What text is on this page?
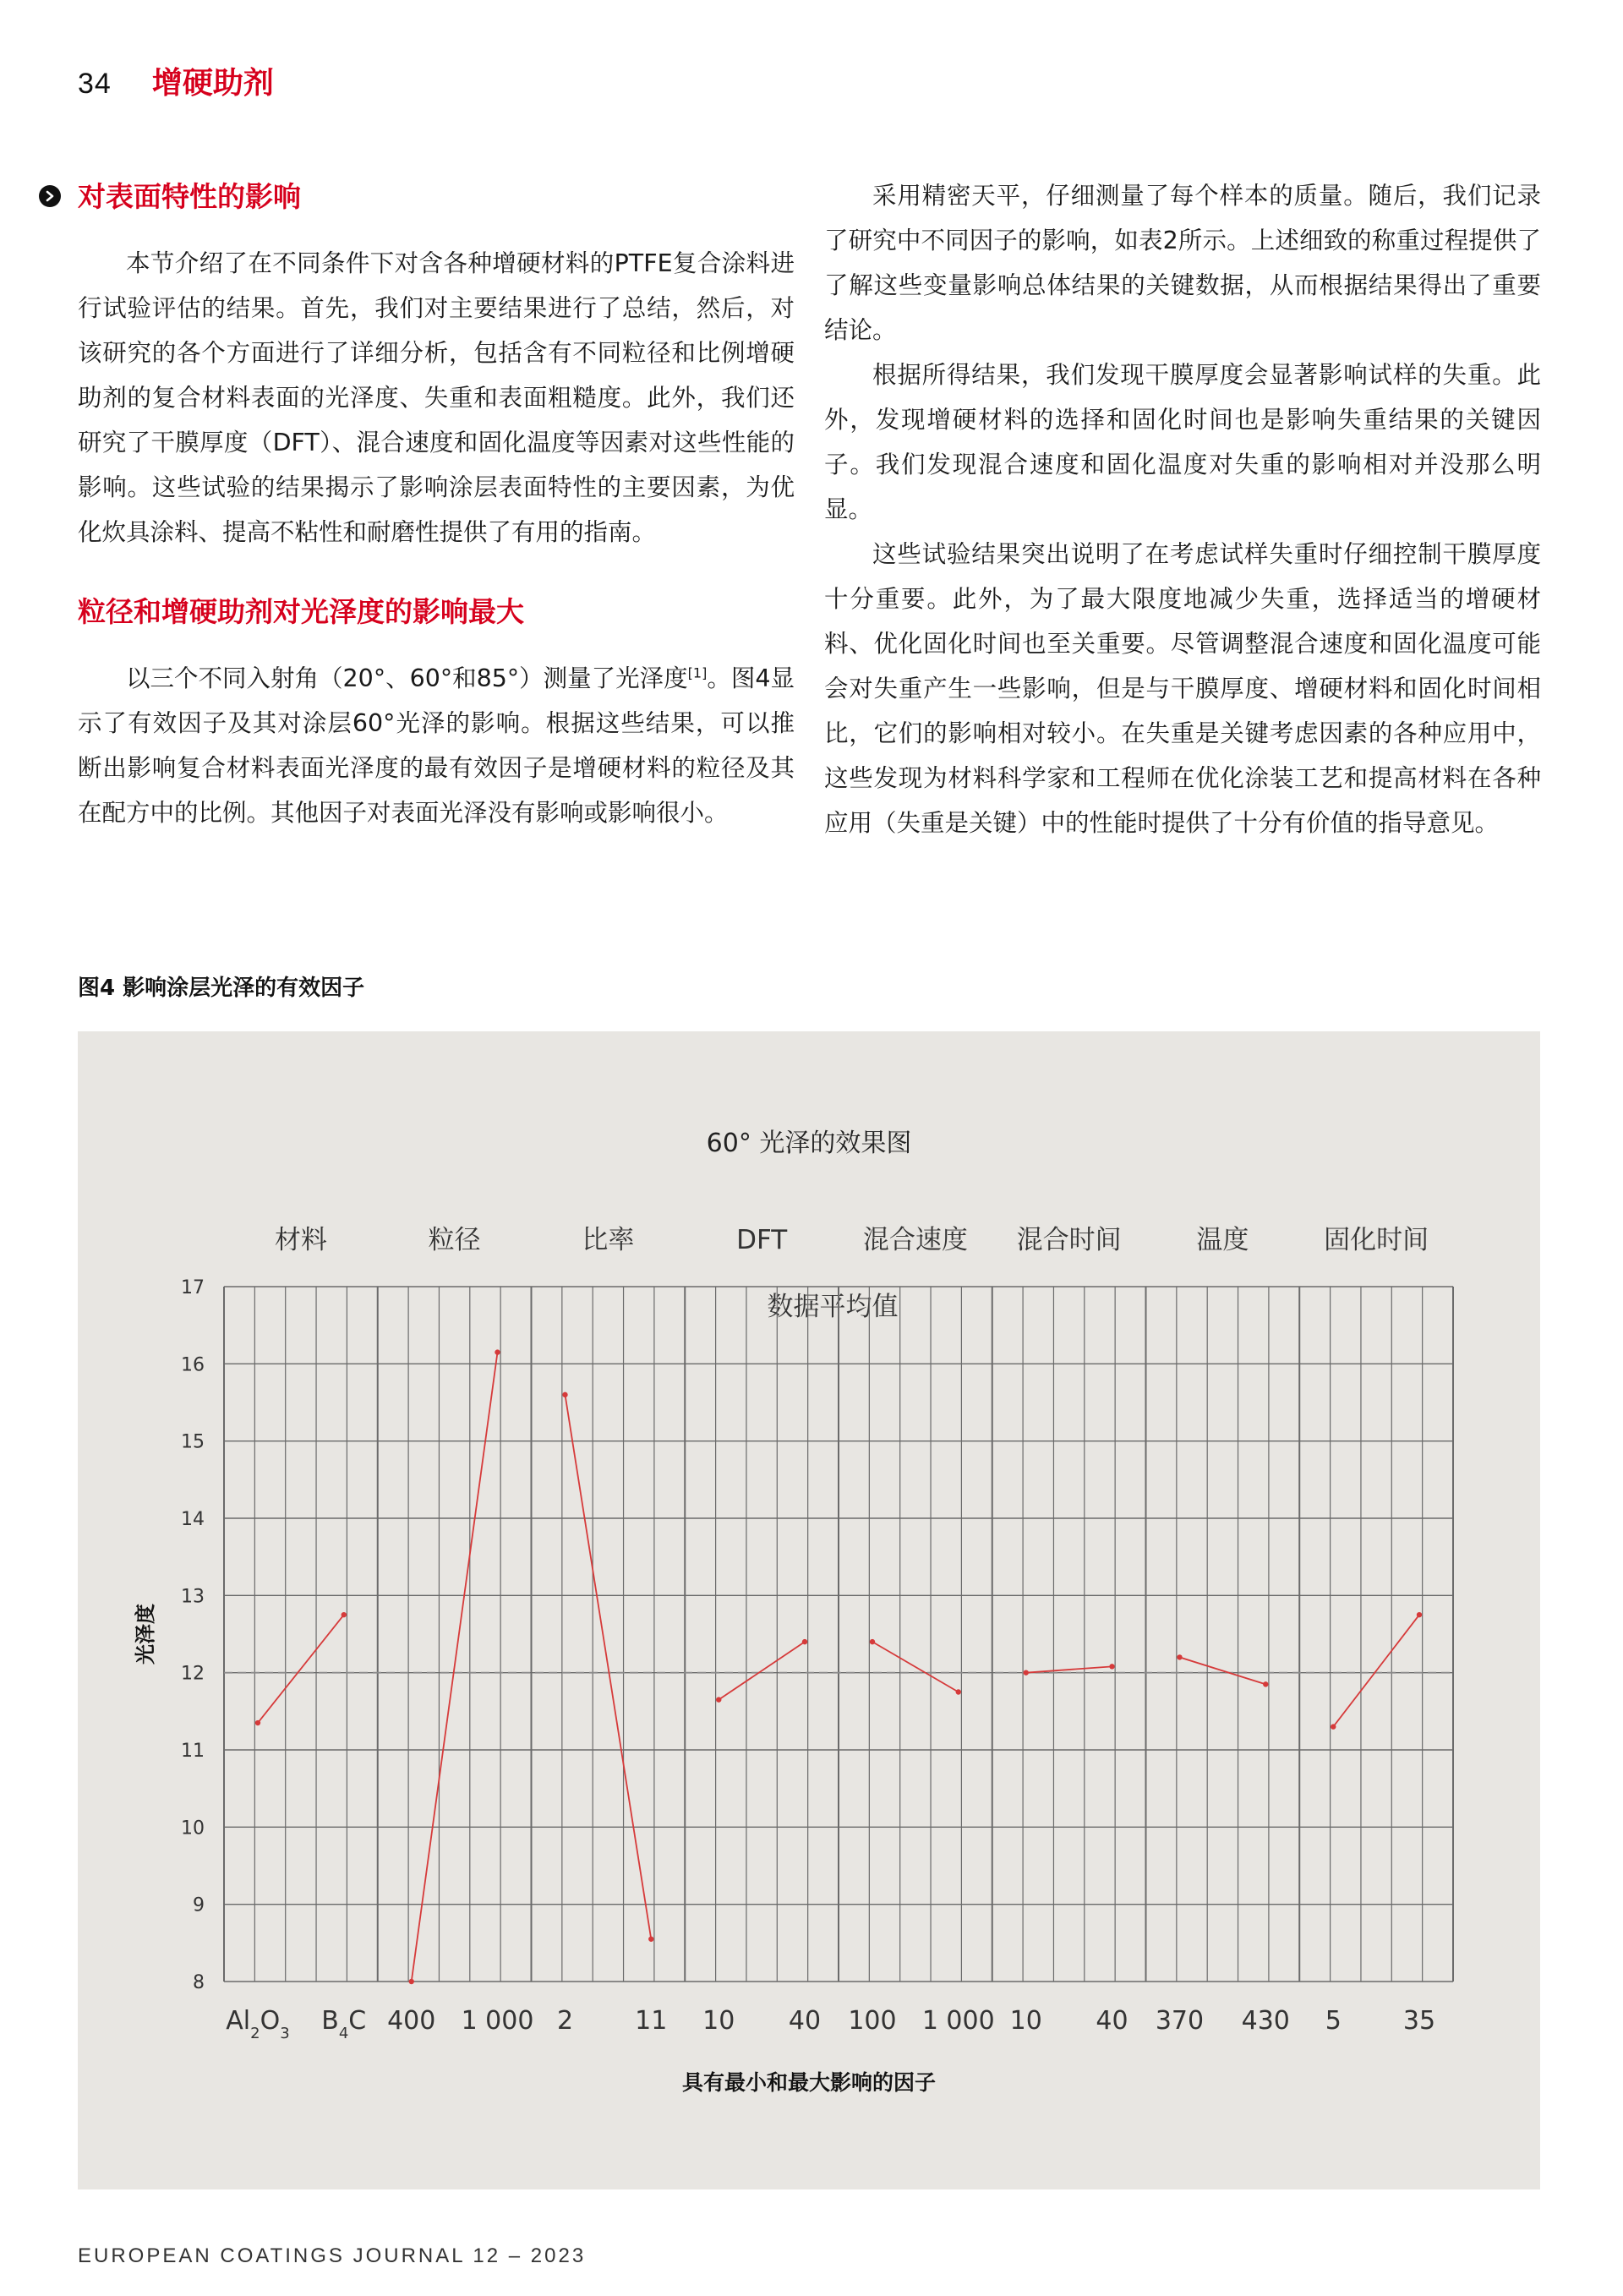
34 增硬助剂
对表面特性的影响

本节介绍了在不同条件下对含各种增硬材料的PTFE复合涂料进行试验评估的结果。首先，我们对主要结果进行了总结，然后，对该研究的各个方面进行了详细分析，包括含有不同粒径和比例增硬助剂的复合材料表面的光泽度、失重和表面粗糙度。此外，我们还研究了干膜厚度（DFT）、混合速度和固化温度等因素对这些性能的影响。这些试验的结果揭示了影响涂层表面特性的主要因素，为优化炊具涂料、提高不粘性和耐磨性提供了有用的指南。

粒径和增硬助剂对光泽度的影响最大

以三个不同入射角（20°、60°和85°）测量了光泽度[1]。图4显示了有效因子及其对涂层60°光泽的影响。根据这些结果，可以推断出影响复合材料表面光泽度的最有效因子是增硬材料的粒径及其在配方中的比例。其他因子对表面光泽没有影响或影响很小。

采用精密天平，仔细测量了每个样本的质量。随后，我们记录了研究中不同因子的影响，如表2所示。上述细致的称重过程提供了了解这些变量影响总体结果的关键数据，从而根据结果得出了重要结论。

根据所得结果，我们发现干膜厚度会显著影响试样的失重。此外，发现增硬材料的选择和固化时间也是影响失重结果的关键因子。我们发现混合速度和固化温度对失重的影响相对并没那么明显。

这些试验结果突出说明了在考虑试样失重时仔细控制干膜厚度十分重要。此外，为了最大限度地减少失重，选择适当的增硬材料、优化固化时间也至关重要。尽管调整混合速度和固化温度可能会对失重产生一些影响，但是与干膜厚度、增硬材料和固化时间相比，它们的影响相对较小。在失重是关键考虑因素的各种应用中，这些发现为材料科学家和工程师在优化涂装工艺和提高材料在各种应用（失重是关键）中的性能时提供了十分有价值的指导意见。

图4 影响涂层光泽的有效因子
60° 光泽的效果图
数据平均值
17
16
15
14
13
12
11
10
9
8
光泽度
具有最小和最大影响的因子
材料
$Al_2O_3$ $B_4C$
粒径
400 1 000
比率
2 11
DFT
10 40
混合速度
100 1 000
混合时间
10 40
温度
370 430
固化时间
5 35
EUROPEAN COATINGS JOURNAL 12 – 2023
